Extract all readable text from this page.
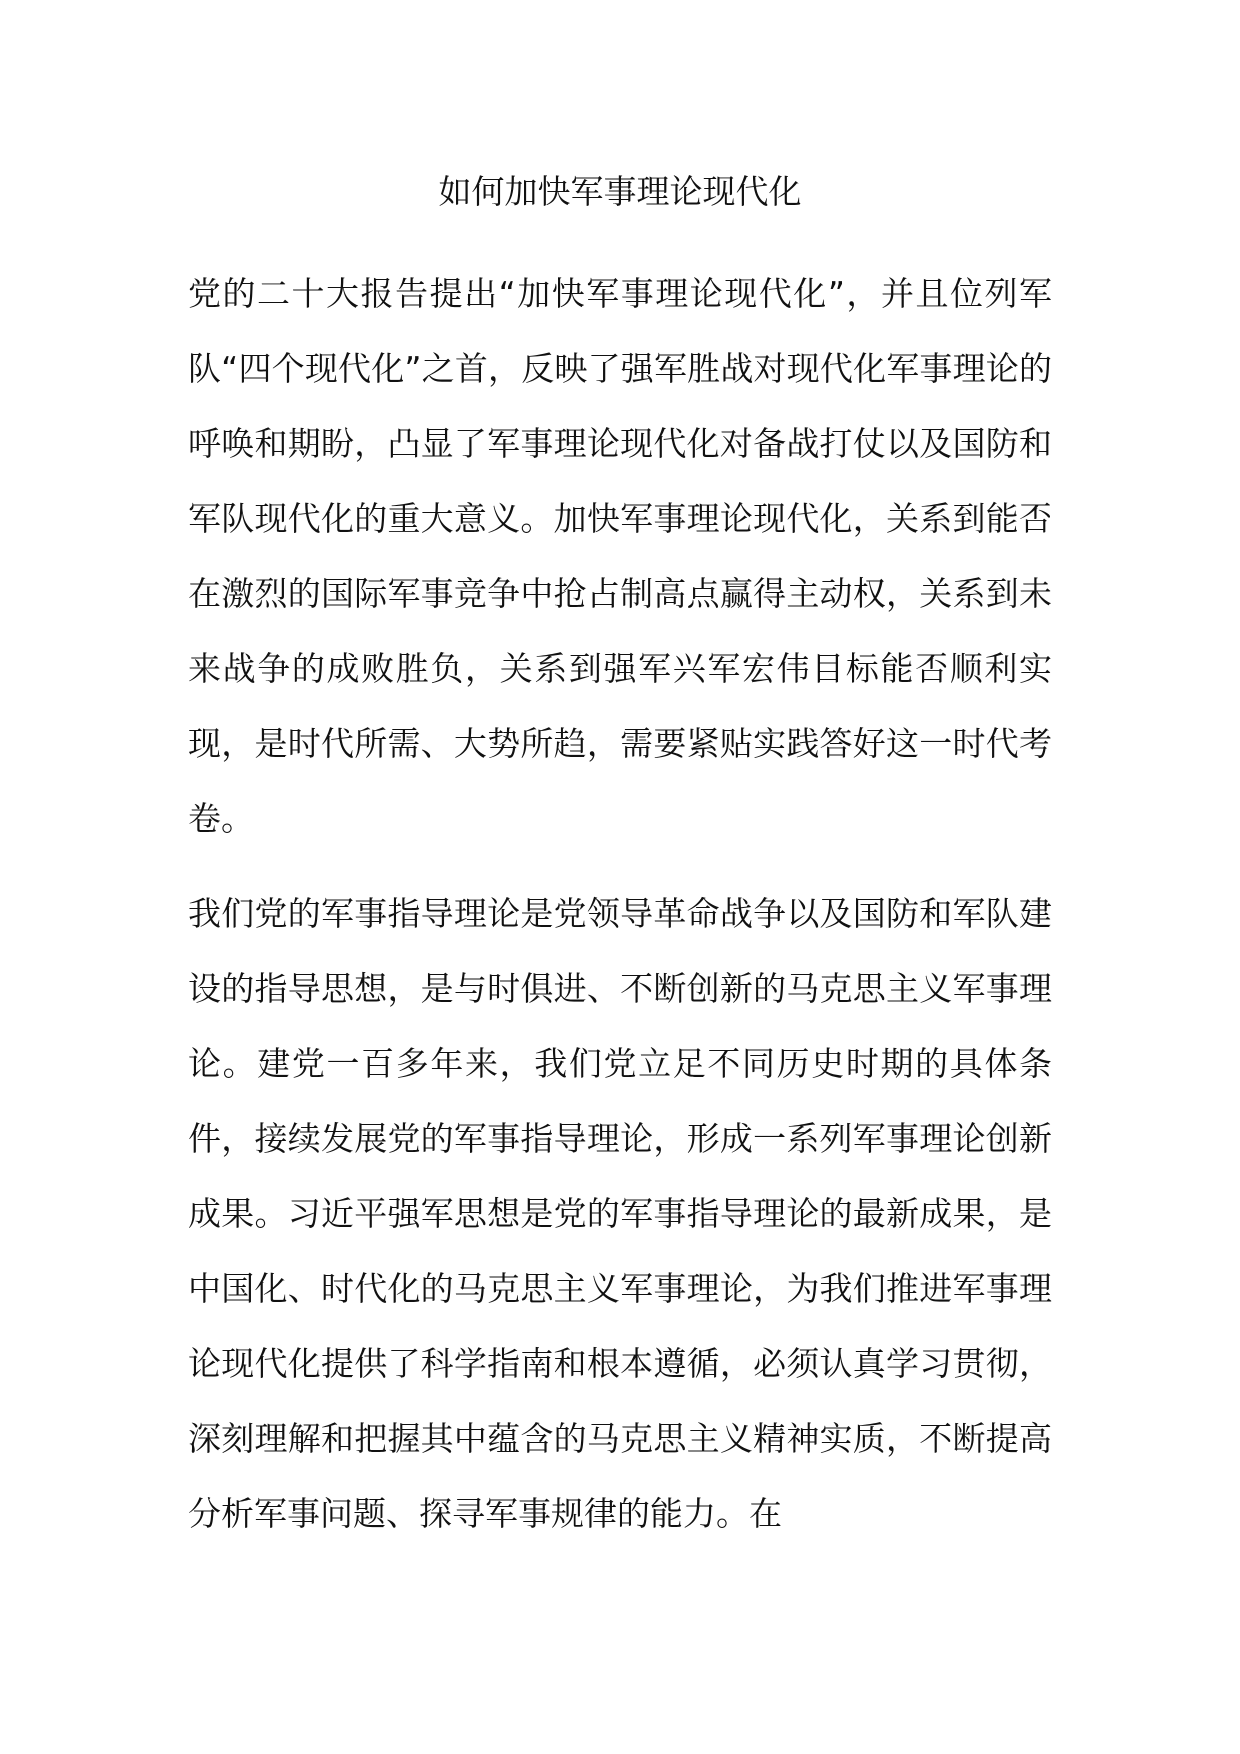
如何加快军事理论现代化

党的二十大报告提出“加快军事理论现代化”，并且位列军队“四个现代化”之首，反映了强军胜战对现代化军事理论的呼唤和期盼，凸显了军事理论现代化对备战打仗以及国防和军队现代化的重大意义。加快军事理论现代化，关系到能否在激烈的国际军事竞争中抢占制高点赢得主动权，关系到未来战争的成败胜负，关系到强军兴军宏伟目标能否顺利实现，是时代所需、大势所趋，需要紧贴实践答好这一时代考卷。

我们党的军事指导理论是党领导革命战争以及国防和军队建设的指导思想，是与时俱进、不断创新的马克思主义军事理论。建党一百多年来，我们党立足不同历史时期的具体条件，接续发展党的军事指导理论，形成一系列军事理论创新成果。习近平强军思想是党的军事指导理论的最新成果，是中国化、时代化的马克思主义军事理论，为我们推进军事理论现代化提供了科学指南和根本遵循，必须认真学习贯彻，深刻理解和把握其中蕴含的马克思主义精神实质，不断提高分析军事问题、探寻军事规律的能力。在
